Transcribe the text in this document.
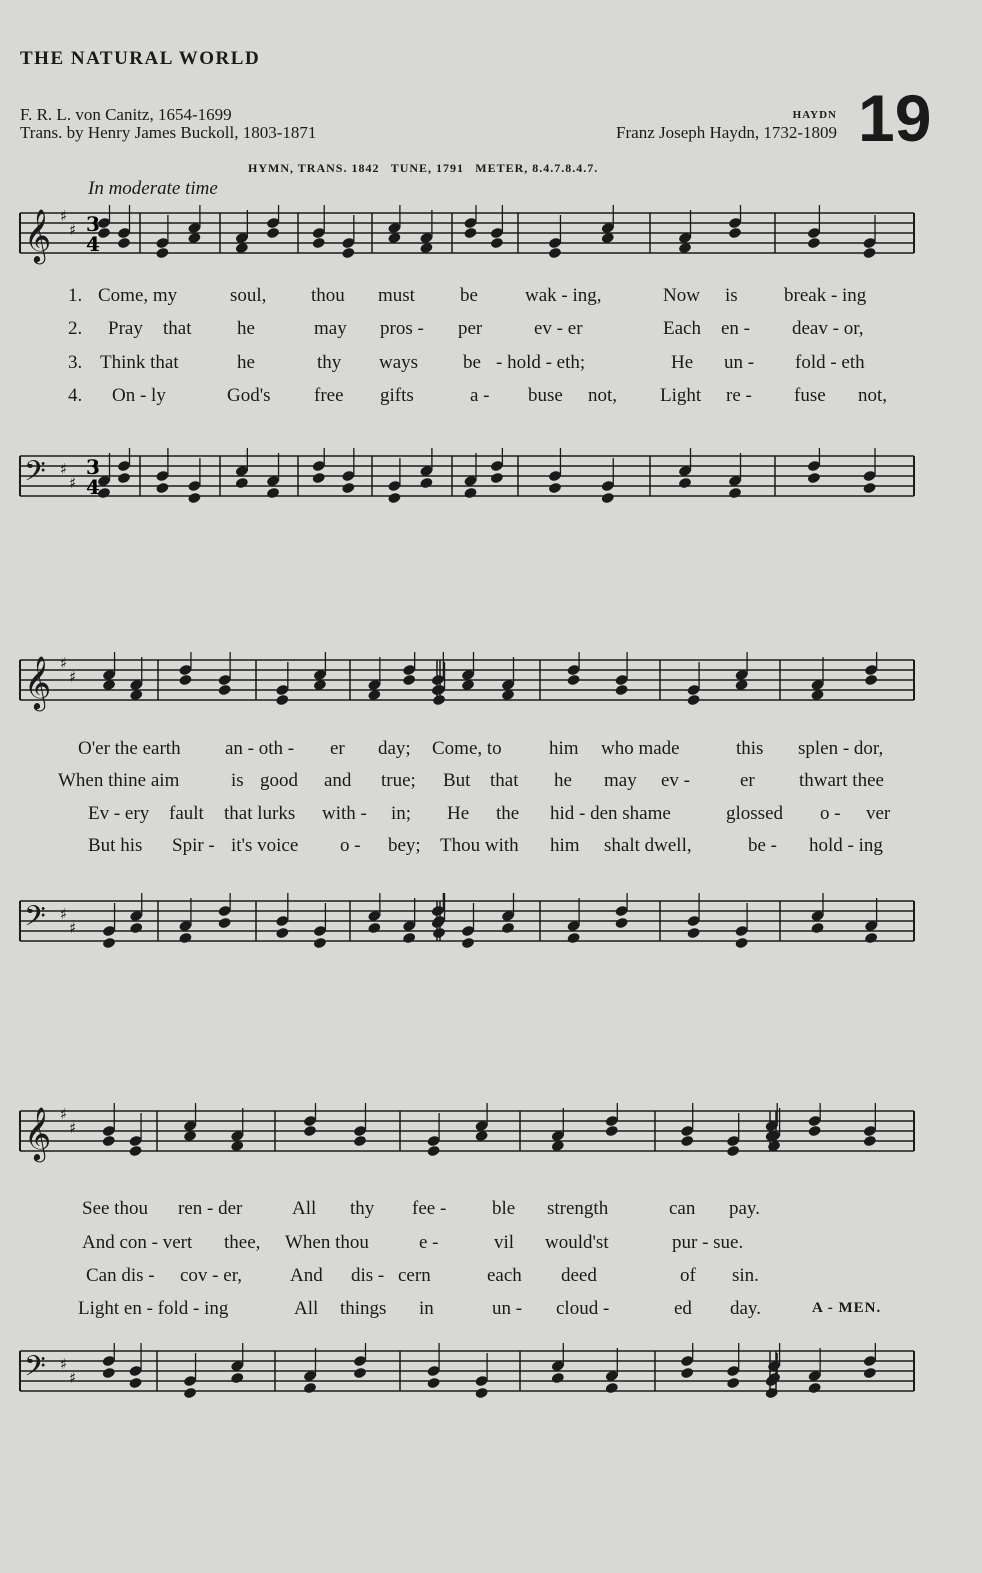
THE NATURAL WORLD
F. R. L. von Canitz, 1654-1699
Trans. by Henry James Buckoll, 1803-1871
HAYDN
Franz Joseph Haydn, 1732-1809 19
HYMN, TRANS. 1842 TUNE, 1791 METER, 8.4.7.8.4.7.
In moderate time
𝄞 ♯
♯ 3
4
𝄢 ♯
♯
3
4
𝄞 ♯
♯
𝄢 ♯
♯
𝄞 ♯
♯
𝄢 ♯
♯
1. Come, my	soul, thou must be wak - ing,	Now is break - ing
2. Pray that he	may pros - per	ev - er	Each en - deav - or,
3. Think that	he	thy ways be - hold - eth;	He un - fold - eth
4. On - ly	God's free gifts	a - buse not, Light re - fuse not,
O'er the earth an - oth - er day; Come, to him who made	this splen - dor,
When thine aim	is good and true; But that he may ev -	er thwart thee
Ev - ery fault that lurks with - in; He the hid - den shame	glossed o - ver
But his Spir - it's voice o - bey; Thou with him shalt dwell,	be - hold - ing
See thou ren - der	All thy fee - ble strength	can pay.
And con - vert thee, When thou	e -	vil would'st	pur - sue.
Can dis - cov - er,	And dis - cern	each deed	of sin.
Light en - fold - ing	All things in	un - cloud -	ed day.	A - MEN.
